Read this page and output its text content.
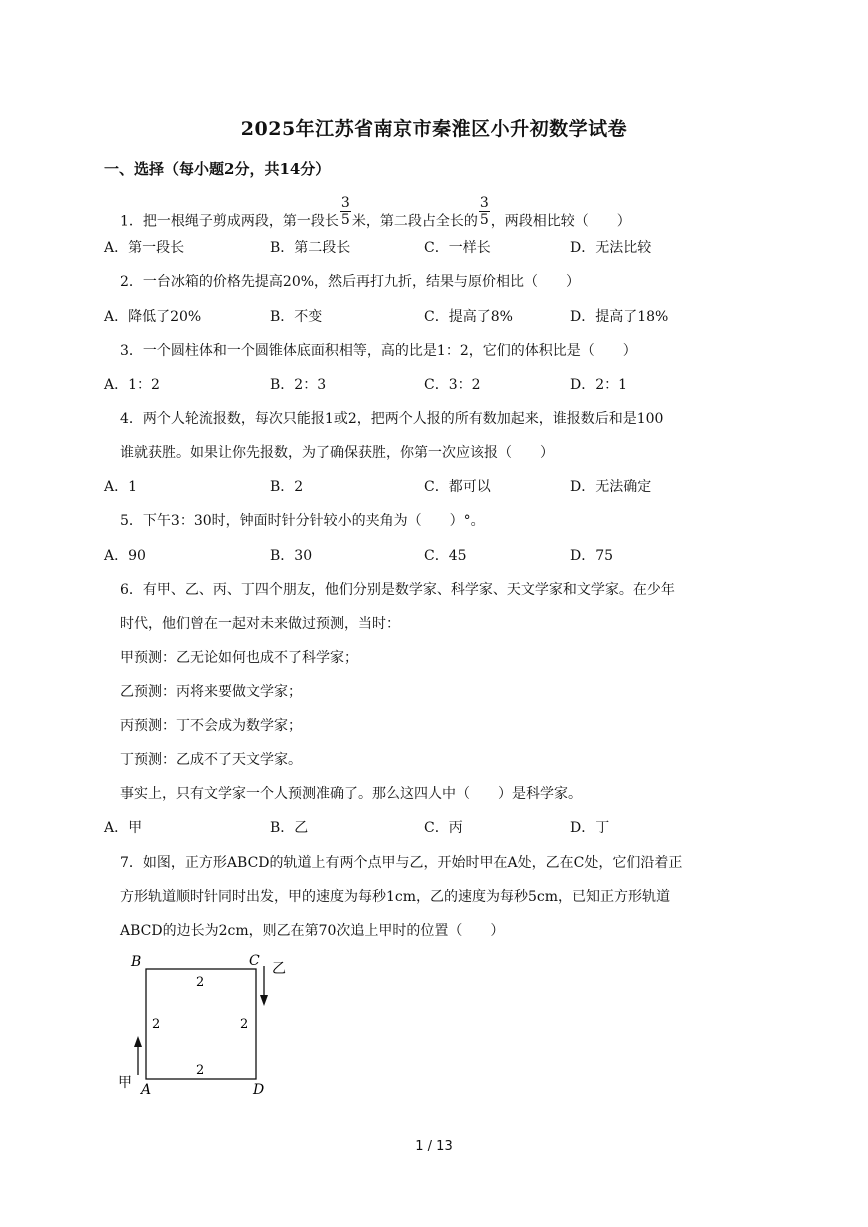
2025年江苏省南京市秦淮区小升初数学试卷
一、选择（每小题2分，共14分）
1．把一根绳子剪成两段，第一段长 $\frac{3}{5}$ 米，第二段占全长的 $\frac{3}{5}$ ，两段相比较（　　）
A．第一段长	B．第二段长	C．一样长	D．无法比较
2．一台冰箱的价格先提高20%，然后再打九折，结果与原价相比（　　）
A．降低了20%	B．不变	C．提高了8%	D．提高了18%
3．一个圆柱体和一个圆锥体底面积相等，高的比是1：2，它们的体积比是（　　）
A．1：2	B．2：3	C．3：2	D．2：1
4．两个人轮流报数，每次只能报1或2，把两个人报的所有数加起来，谁报数后和是100
谁就获胜。如果让你先报数，为了确保获胜，你第一次应该报（　　）
A．1	B．2	C．都可以	D．无法确定
5．下午3：30时，钟面时针分针较小的夹角为（　　）°。
A．90	B．30	C．45	D．75
6．有甲、乙、丙、丁四个朋友，他们分别是数学家、科学家、天文学家和文学家。在少年
时代，他们曾在一起对未来做过预测，当时：
甲预测：乙无论如何也成不了科学家；
乙预测：丙将来要做文学家；
丙预测：丁不会成为数学家；
丁预测：乙成不了天文学家。
事实上，只有文学家一个人预测准确了。那么这四人中（　　）是科学家。
A．甲	B．乙	C．丙	D．丁
7．如图，正方形ABCD的轨道上有两个点甲与乙，开始时甲在A处，乙在C处，它们沿着正
方形轨道顺时针同时出发，甲的速度为每秒1cm，乙的速度为每秒5cm，已知正方形轨道
ABCD的边长为2cm，则乙在第70次追上甲时的位置（　　）
B	C 乙
甲 A	D
2
2	2
2
1 / 13
